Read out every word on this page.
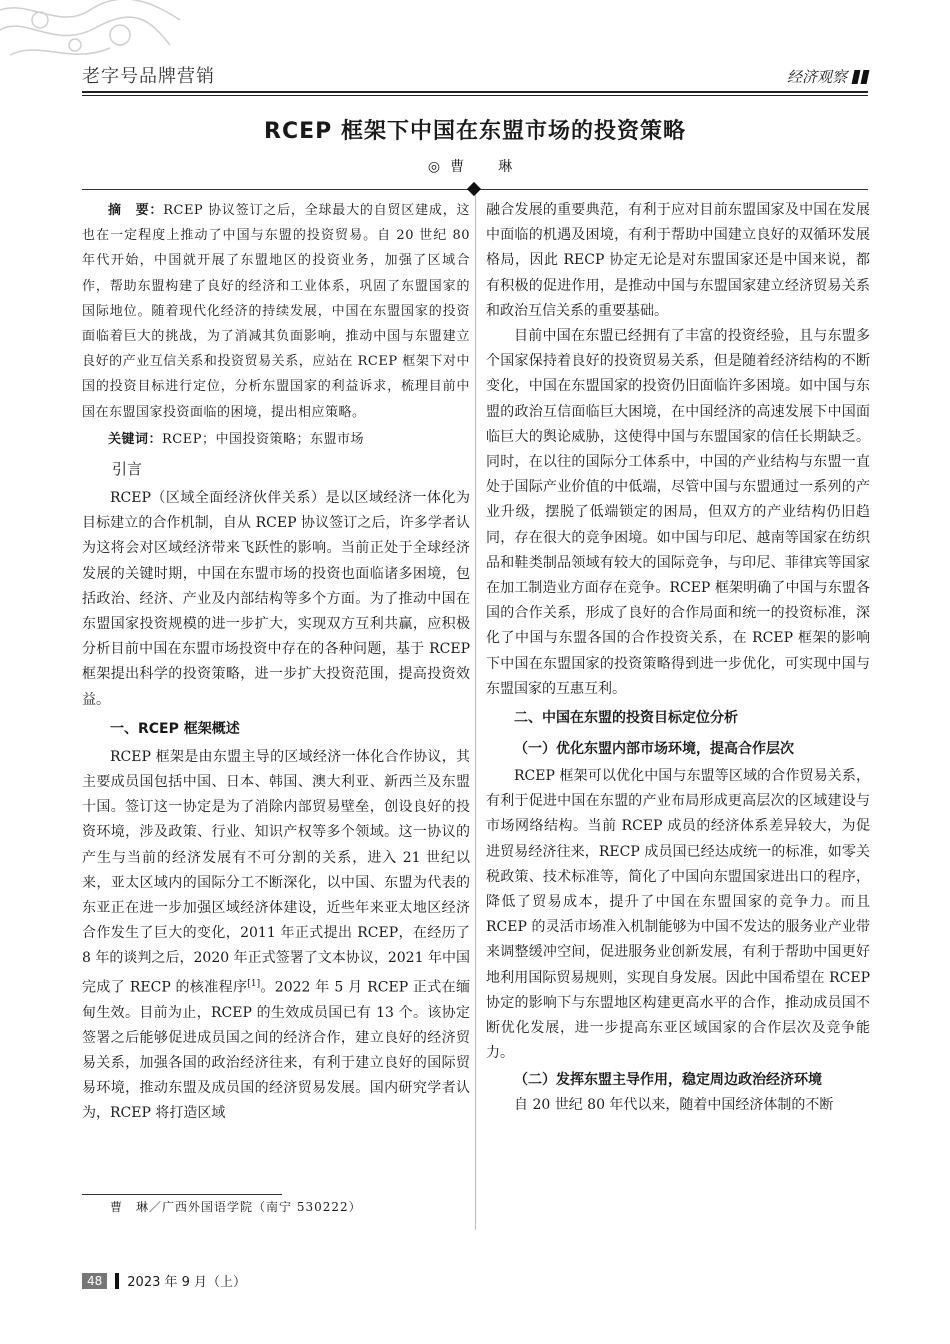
老字号品牌营销	经济观察
RCEP 框架下中国在东盟市场的投资策略
◎曹　琳

摘　要：RCEP 协议签订之后，全球最大的自贸区建成，这也在一定程度上推动了中国与东盟的投资贸易。自 20 世纪 80 年代开始，中国就开展了东盟地区的投资业务，加强了区域合作，帮助东盟构建了良好的经济和工业体系，巩固了东盟国家的国际地位。随着现代化经济的持续发展，中国在东盟国家的投资面临着巨大的挑战，为了消减其负面影响，推动中国与东盟建立良好的产业互信关系和投资贸易关系，应站在 RCEP 框架下对中国的投资目标进行定位，分析东盟国家的利益诉求，梳理目前中国在东盟国家投资面临的困境，提出相应策略。

关键词：RCEP；中国投资策略；东盟市场

引言

RCEP（区域全面经济伙伴关系）是以区域经济一体化为目标建立的合作机制，自从 RCEP 协议签订之后，许多学者认为这将会对区域经济带来飞跃性的影响。当前正处于全球经济发展的关键时期，中国在东盟市场的投资也面临诸多困境，包括政治、经济、产业及内部结构等多个方面。为了推动中国在东盟国家投资规模的进一步扩大，实现双方互利共赢，应积极分析目前中国在东盟市场投资中存在的各种问题，基于 RCEP 框架提出科学的投资策略，进一步扩大投资范围，提高投资效益。

一、RCEP 框架概述

RCEP 框架是由东盟主导的区域经济一体化合作协议，其主要成员国包括中国、日本、韩国、澳大利亚、新西兰及东盟十国。签订这一协定是为了消除内部贸易壁垒，创设良好的投资环境，涉及政策、行业、知识产权等多个领域。这一协议的产生与当前的经济发展有不可分割的关系，进入 21 世纪以来，亚太区域内的国际分工不断深化，以中国、东盟为代表的东亚正在进一步加强区域经济体建设，近些年来亚太地区经济合作发生了巨大的变化，2011 年正式提出 RCEP，在经历了 8 年的谈判之后，2020 年正式签署了文本协议，2021 年中国完成了 RECP 的核准程序[1]。2022 年 5 月 RCEP 正式在缅甸生效。目前为止，RCEP 的生效成员国已有 13 个。该协定签署之后能够促进成员国之间的经济合作，建立良好的经济贸易关系，加强各国的政治经济往来，有利于建立良好的国际贸易环境，推动东盟及成员国的经济贸易发展。国内研究学者认为，RCEP 将打造区域

融合发展的重要典范，有利于应对目前东盟国家及中国在发展中面临的机遇及困境，有利于帮助中国建立良好的双循环发展格局，因此 RECP 协定无论是对东盟国家还是中国来说，都有积极的促进作用，是推动中国与东盟国家建立经济贸易关系和政治互信关系的重要基础。

目前中国在东盟已经拥有了丰富的投资经验，且与东盟多个国家保持着良好的投资贸易关系，但是随着经济结构的不断变化，中国在东盟国家的投资仍旧面临许多困境。如中国与东盟的政治互信面临巨大困境，在中国经济的高速发展下中国面临巨大的舆论威胁，这使得中国与东盟国家的信任长期缺乏。同时，在以往的国际分工体系中，中国的产业结构与东盟一直处于国际产业价值的中低端，尽管中国与东盟通过一系列的产业升级，摆脱了低端锁定的困局，但双方的产业结构仍旧趋同，存在很大的竞争困境。如中国与印尼、越南等国家在纺织品和鞋类制品领域有较大的国际竞争，与印尼、菲律宾等国家在加工制造业方面存在竞争。RCEP 框架明确了中国与东盟各国的合作关系，形成了良好的合作局面和统一的投资标准，深化了中国与东盟各国的合作投资关系，在 RCEP 框架的影响下中国在东盟国家的投资策略得到进一步优化，可实现中国与东盟国家的互惠互利。

二、中国在东盟的投资目标定位分析
（一）优化东盟内部市场环境，提高合作层次

RCEP 框架可以优化中国与东盟等区域的合作贸易关系，有利于促进中国在东盟的产业布局形成更高层次的区域建设与市场网络结构。当前 RCEP 成员的经济体系差异较大，为促进贸易经济往来，RECP 成员国已经达成统一的标准，如零关税政策、技术标准等，简化了中国向东盟国家进出口的程序，降低了贸易成本，提升了中国在东盟国家的竞争力。而且 RCEP 的灵活市场准入机制能够为中国不发达的服务业产业带来调整缓冲空间，促进服务业创新发展，有利于帮助中国更好地利用国际贸易规则，实现自身发展。因此中国希望在 RCEP 协定的影响下与东盟地区构建更高水平的合作，推动成员国不断优化发展，进一步提高东亚区域国家的合作层次及竞争能力。

（二）发挥东盟主导作用，稳定周边政治经济环境

自 20 世纪 80 年代以来，随着中国经济体制的不断

曹　琳／广西外国语学院（南宁 530222）
48	2023 年 9 月（上）
